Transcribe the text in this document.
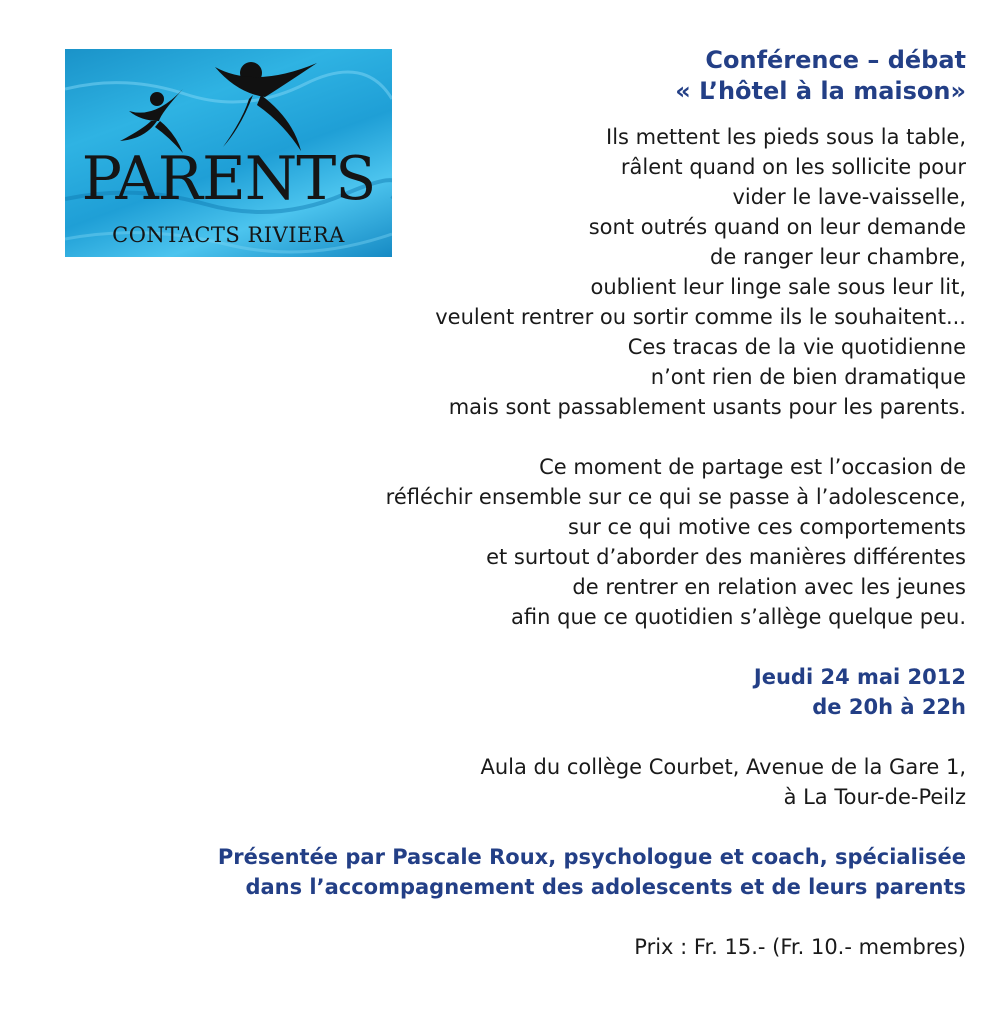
PARENTS
CONTACTS RIVIERA
Conférence – débat
« L’hôtel à la maison»
Ils mettent les pieds sous la table,
râlent quand on les sollicite pour
vider le lave-vaisselle,
sont outrés quand on leur demande
de ranger leur chambre,
oublient leur linge sale sous leur lit,
veulent rentrer ou sortir comme ils le souhaitent...
Ces tracas de la vie quotidienne
n’ont rien de bien dramatique
mais sont passablement usants pour les parents.
Ce moment de partage est l’occasion de
réfléchir ensemble sur ce qui se passe à l’adolescence,
sur ce qui motive ces comportements
et surtout d’aborder des manières différentes
de rentrer en relation avec les jeunes
afin que ce quotidien s’allège quelque peu.
Jeudi 24 mai 2012
de 20h à 22h
Aula du collège Courbet, Avenue de la Gare 1,
à La Tour-de-Peilz
Présentée par Pascale Roux, psychologue et coach, spécialisée
dans l’accompagnement des adolescents et de leurs parents
Prix : Fr. 15.- (Fr. 10.- membres)
